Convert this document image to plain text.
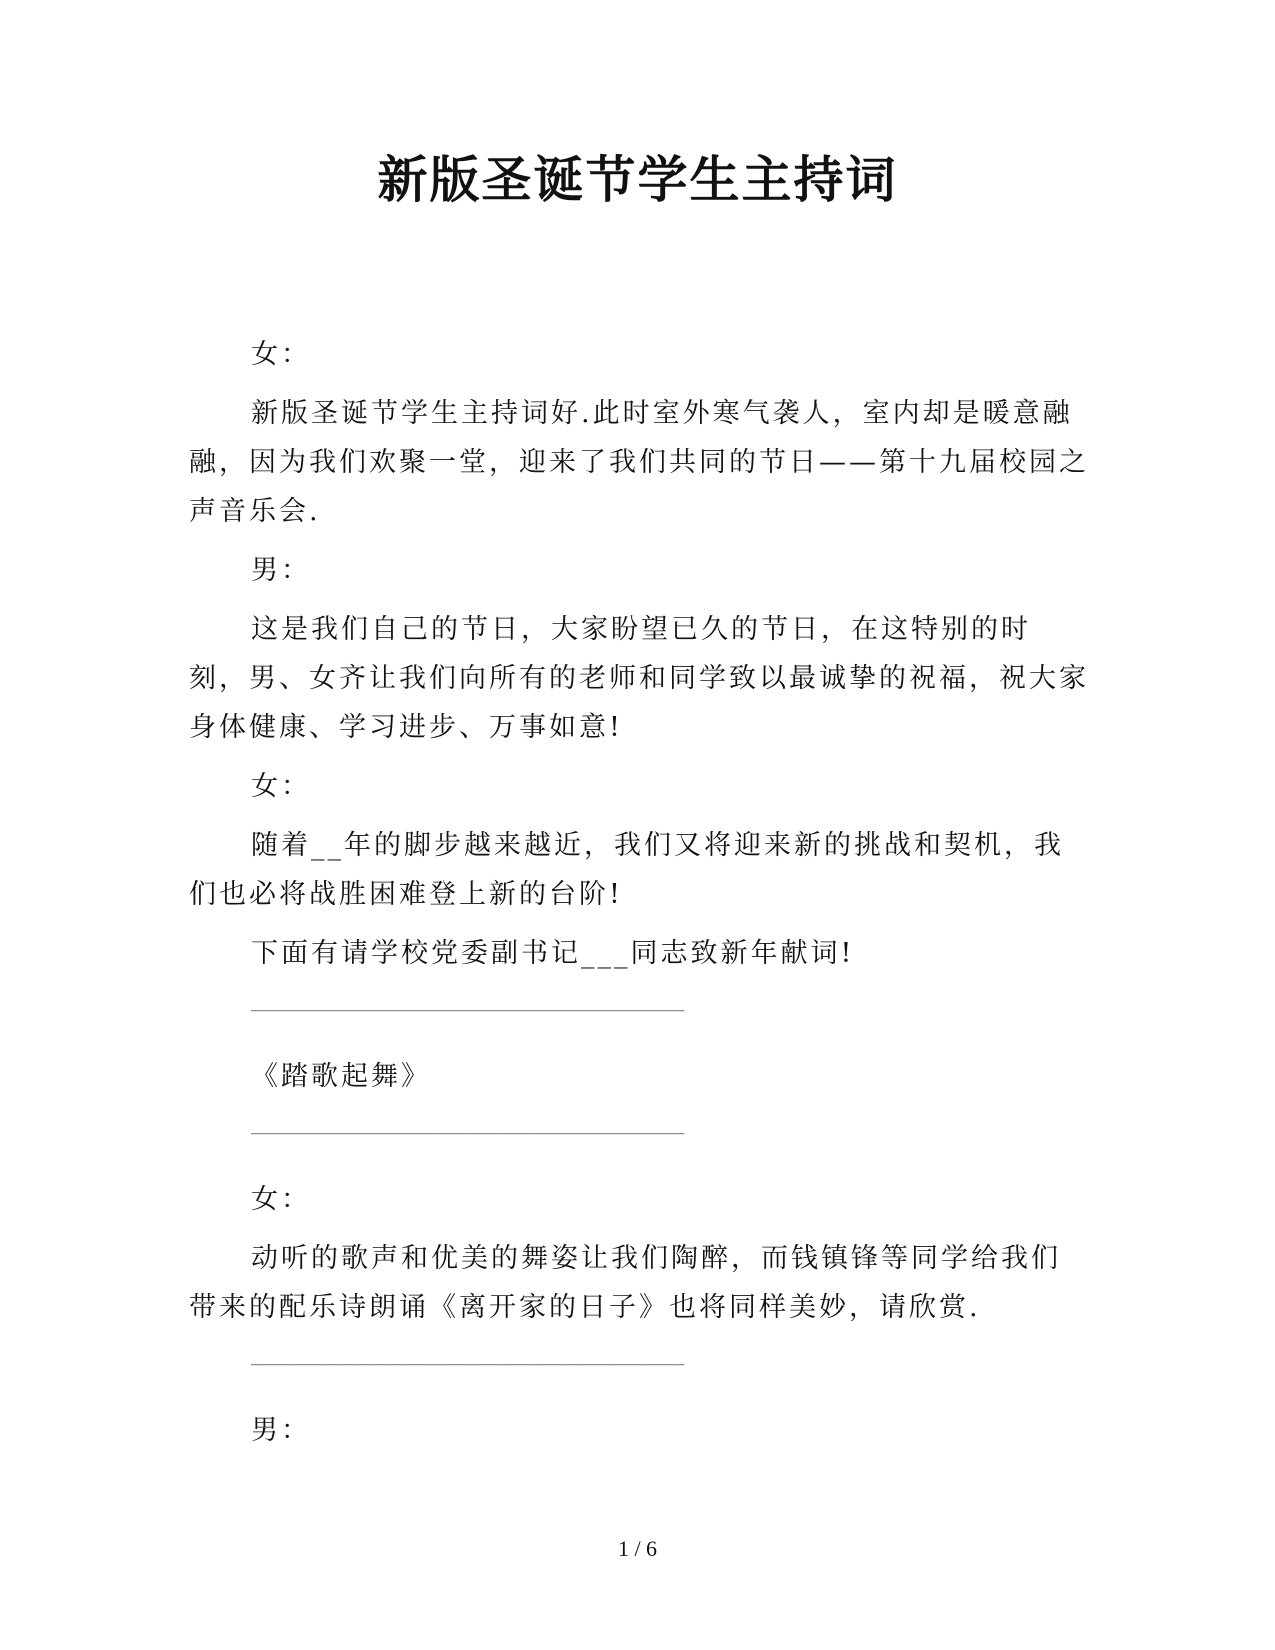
新版圣诞节学生主持词
女：
新版圣诞节学生主持词好.此时室外寒气袭人，室内却是暖意融融，因为我们欢聚一堂，迎来了我们共同的节日——第十九届校园之声音乐会.
男：
这是我们自己的节日，大家盼望已久的节日，在这特别的时刻，男、女齐让我们向所有的老师和同学致以最诚挚的祝福，祝大家身体健康、学习进步、万事如意!
女：
随着__年的脚步越来越近，我们又将迎来新的挑战和契机，我们也必将战胜困难登上新的台阶!
下面有请学校党委副书记___同志致新年献词!
________________________________________
《踏歌起舞》
________________________________________
女：
动听的歌声和优美的舞姿让我们陶醉，而钱镇锋等同学给我们带来的配乐诗朗诵《离开家的日子》也将同样美妙，请欣赏.
________________________________________
男：
1 / 6
